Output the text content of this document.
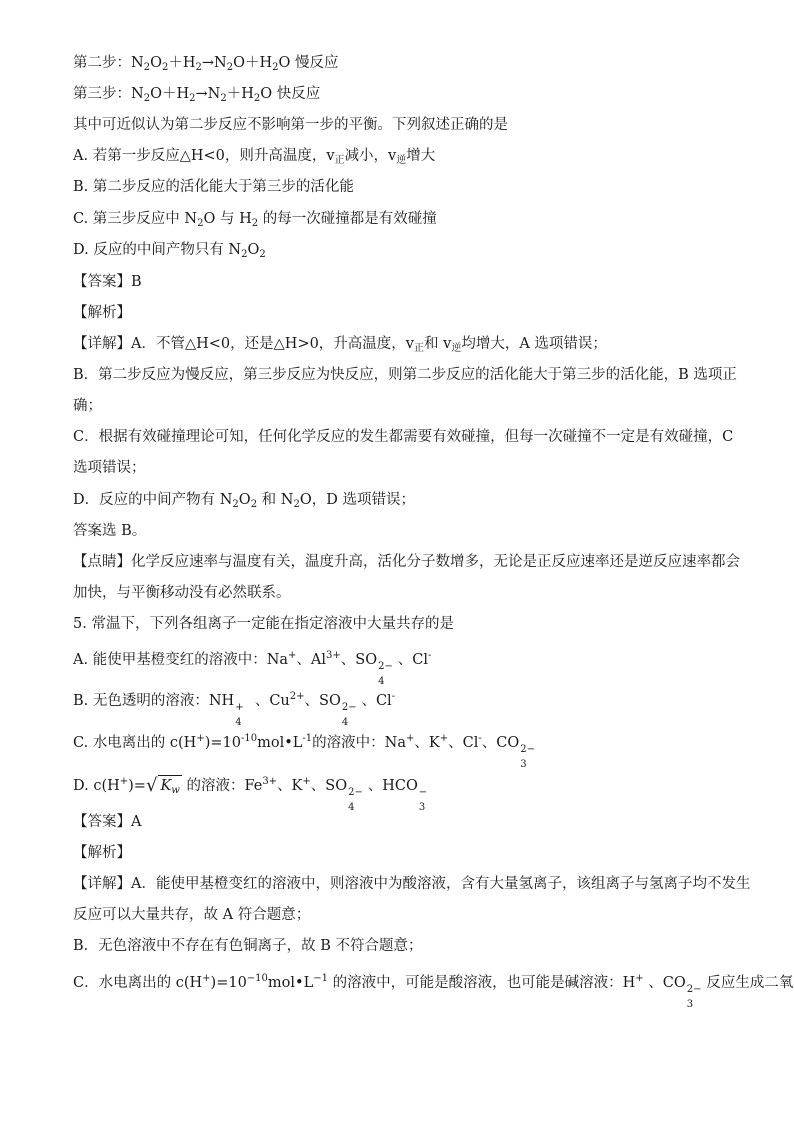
第二步：$N_2O_2+H_2\to N_2O+H_2O$ 慢反应
第三步：$N_2O+H_2\to N_2+H_2O$ 快反应
其中可近似认为第二步反应不影响第一步的平衡。下列叙述正确的是
A. 若第一步反应△H<0，则升高温度，$v_正$减小，$v_逆$增大
B. 第二步反应的活化能大于第三步的活化能
C. 第三步反应中 $N_2O$ 与 $H_2$ 的每一次碰撞都是有效碰撞
D. 反应的中间产物只有 $N_2O_2$
【答案】B
【解析】
【详解】A．不管△H<0，还是△H>0，升高温度，$v_正$和 $v_逆$均增大，A 选项错误；
B．第二步反应为慢反应，第三步反应为快反应，则第二步反应的活化能大于第三步的活化能，B 选项正
确；
C．根据有效碰撞理论可知，任何化学反应的发生都需要有效碰撞，但每一次碰撞不一定是有效碰撞，C
选项错误；
D．反应的中间产物有 $N_2O_2$ 和 $N_2O$，D 选项错误；
答案选 B。
【点睛】化学反应速率与温度有关，温度升高，活化分子数增多，无论是正反应速率还是逆反应速率都会
加快，与平衡移动没有必然联系。
5. 常温下，下列各组离子一定能在指定溶液中大量共存的是
A. 能使甲基橙变红的溶液中：Na+、$Al^{3+}$、SO 2−
4
、Cl-
B. 无色透明的溶液：NH +
4
、$Cu^{2+}$、SO 2−
4
、Cl-
C. 水电离出的 $c(H^+)=10^{-10}mol•L^{-1}$的溶液中：Na+、K+、Cl-、CO 2−
3
D. c(H+)=√ $K_w$ 的溶液：$Fe^{3+}$、K+、SO 2−
4
、HCO −
3
【答案】A
【解析】
【详解】A．能使甲基橙变红的溶液中，则溶液中为酸溶液，含有大量氢离子，该组离子与氢离子均不发生
反应可以大量共存，故 A 符合题意；
B．无色溶液中不存在有色铜离子，故 B 不符合题意；
C．水电离出的 $c(H^+)=10^{-10}mol•L^{-1}$ 的溶液中，可能是酸溶液，也可能是碱溶液：H+ 、CO 2−
3
反应生成二氧
